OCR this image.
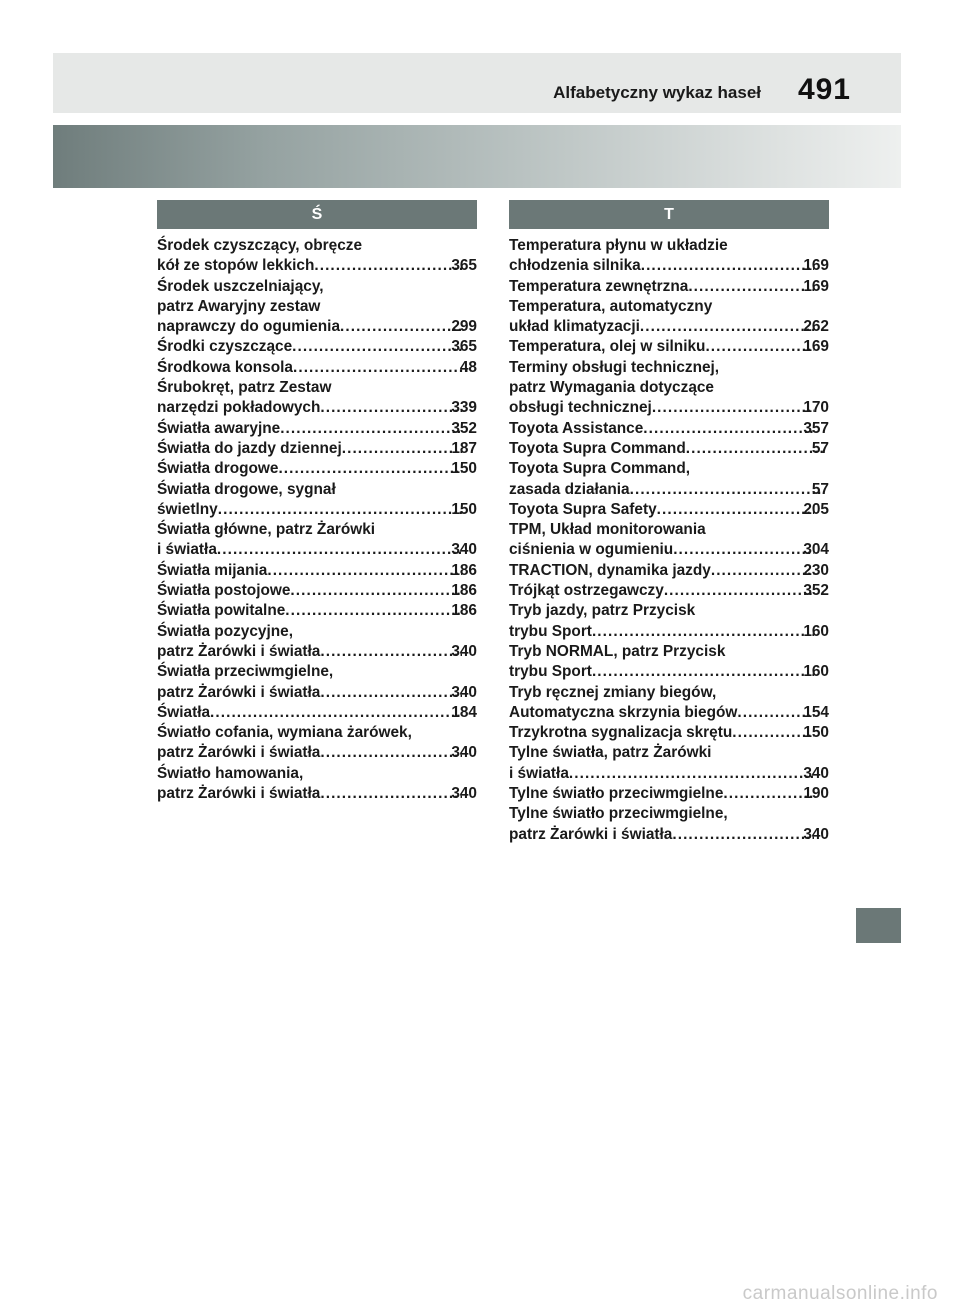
Alfabetyczny wykaz haseł 491
Ś
Środek czyszczący, obręcze
kół ze stopów lekkich . . .	365
Środek uszczelniający,
patrz Awaryjny zestaw
naprawczy do ogumienia . . .	299
Środki czyszczące . . .	365
Środkowa konsola . . .	48
Śrubokręt, patrz Zestaw
narzędzi pokładowych . . .	339
Światła awaryjne . . .	352
Światła do jazdy dziennej . . .	187
Światła drogowe . . .	150
Światła drogowe, sygnał
świetlny . . .	150
Światła główne, patrz Żarówki
i światła . . .	340
Światła mijania . . .	186
Światła postojowe . . .	186
Światła powitalne . . .	186
Światła pozycyjne,
patrz Żarówki i światła . . .	340
Światła przeciwmgielne,
patrz Żarówki i światła . . .	340
Światła . . .	184
Światło cofania, wymiana żarówek,
patrz Żarówki i światła . . .	340
Światło hamowania,
patrz Żarówki i światła . . .	340
T
Temperatura płynu w układzie
chłodzenia silnika . . .	169
Temperatura zewnętrzna . . .	169
Temperatura, automatyczny
układ klimatyzacji . . .	262
Temperatura, olej w silniku . . .	169
Terminy obsługi technicznej,
patrz Wymagania dotyczące
obsługi technicznej . . .	170
Toyota Assistance . . .	357
Toyota Supra Command . . .	57
Toyota Supra Command,
zasada działania . . .	57
Toyota Supra Safety . . .	205
TPM, Układ monitorowania
ciśnienia w ogumieniu . . .	304
TRACTION, dynamika jazdy . . .	230
Trójkąt ostrzegawczy . . .	352
Tryb jazdy, patrz Przycisk
trybu Sport . . .	160
Tryb NORMAL, patrz Przycisk
trybu Sport . . .	160
Tryb ręcznej zmiany biegów,
Automatyczna skrzynia biegów . . .	154
Trzykrotna sygnalizacja skrętu . . .	150
Tylne światła, patrz Żarówki
i światła . . .	340
Tylne światło przeciwmgielne . . .	190
Tylne światło przeciwmgielne,
patrz Żarówki i światła . . .	340
carmanualsonline.info
